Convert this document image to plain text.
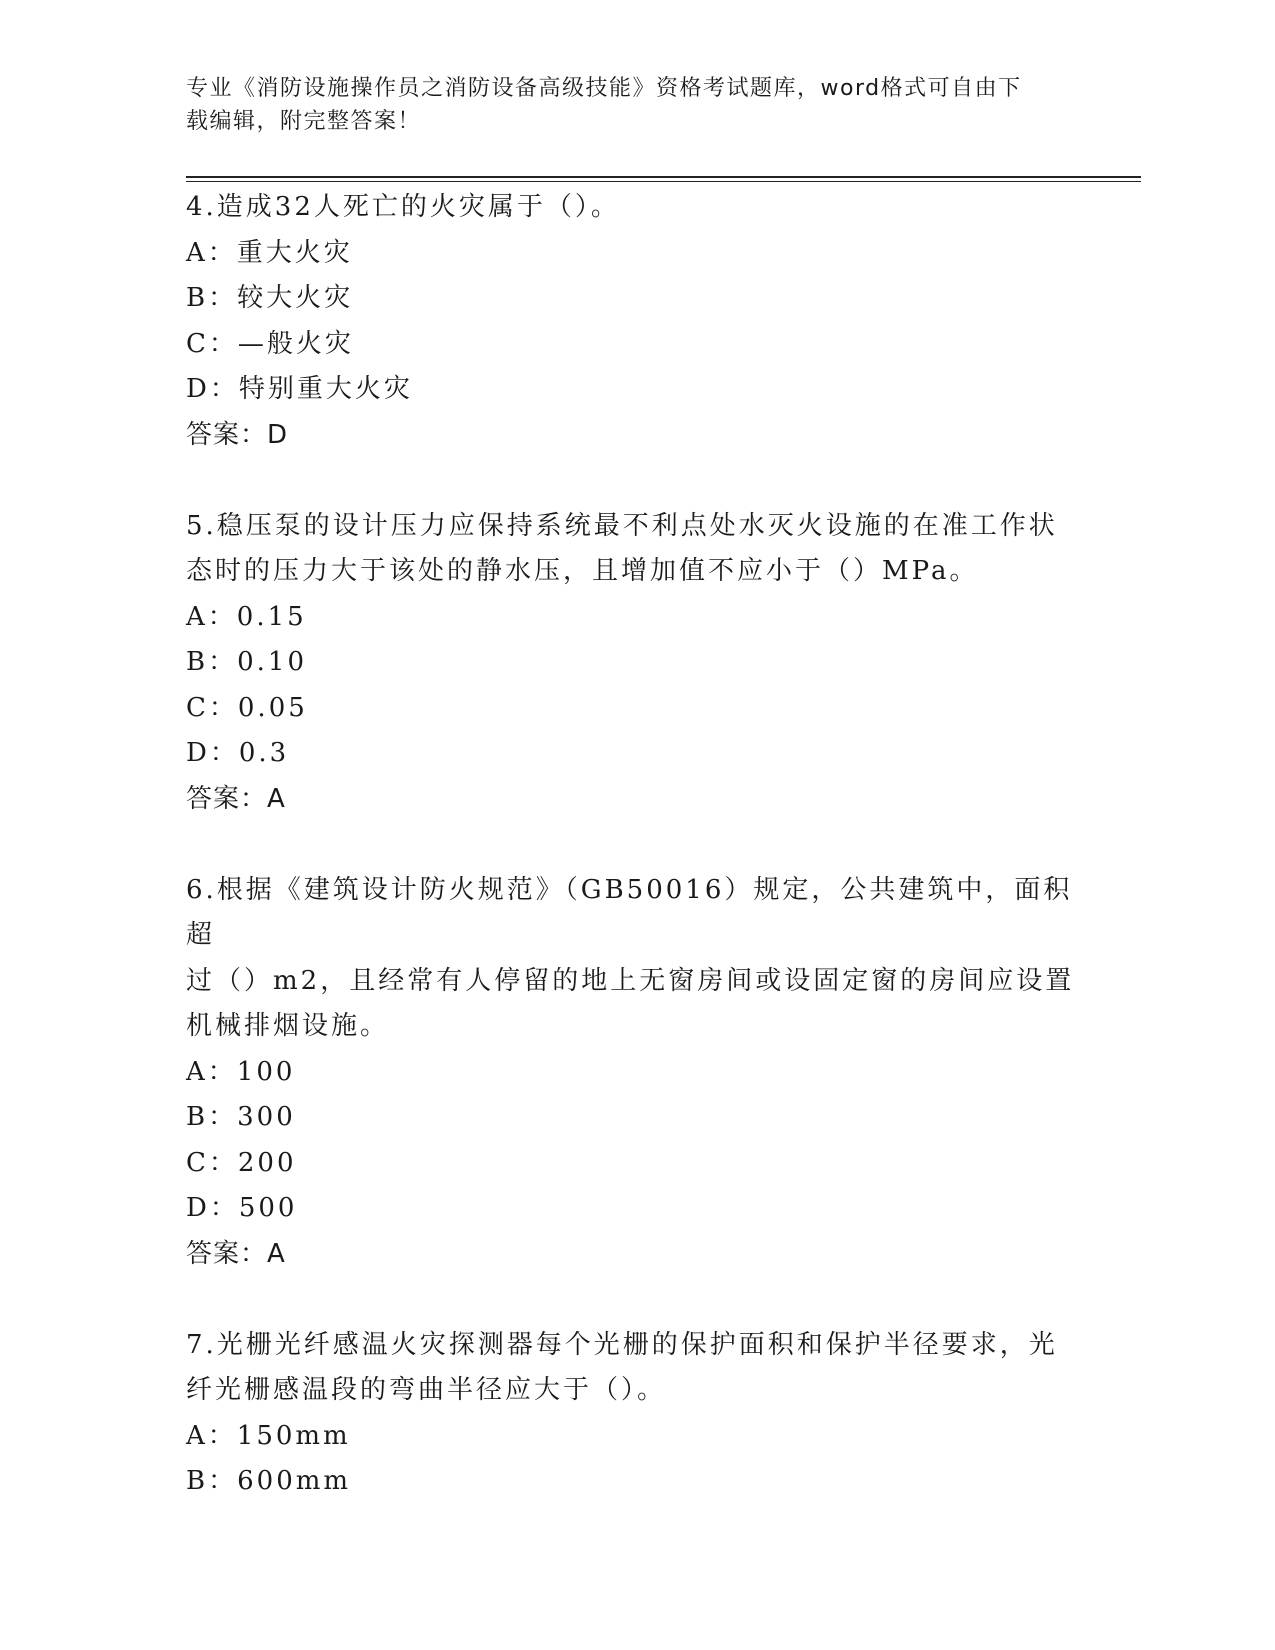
专业《消防设施操作员之消防设备高级技能》资格考试题库，word格式可自由下
载编辑，附完整答案！
4.造成32人死亡的火灾属于（）。
A：重大火灾
B：较大火灾
C：—般火灾
D：特别重大火灾
答案：D
5.稳压泵的设计压力应保持系统最不利点处水灭火设施的在准工作状
态时的压力大于该处的静水压，且增加值不应小于（）MPa。
A：0.15
B：0.10
C：0.05
D：0.3
答案：A
6.根据《建筑设计防火规范》（GB50016）规定，公共建筑中，面积超
过（）m2，且经常有人停留的地上无窗房间或设固定窗的房间应设置
机械排烟设施。
A：100
B：300
C：200
D：500
答案：A
7.光栅光纤感温火灾探测器每个光栅的保护面积和保护半径要求，光
纤光栅感温段的弯曲半径应大于（）。
A：150mm
B：600mm
